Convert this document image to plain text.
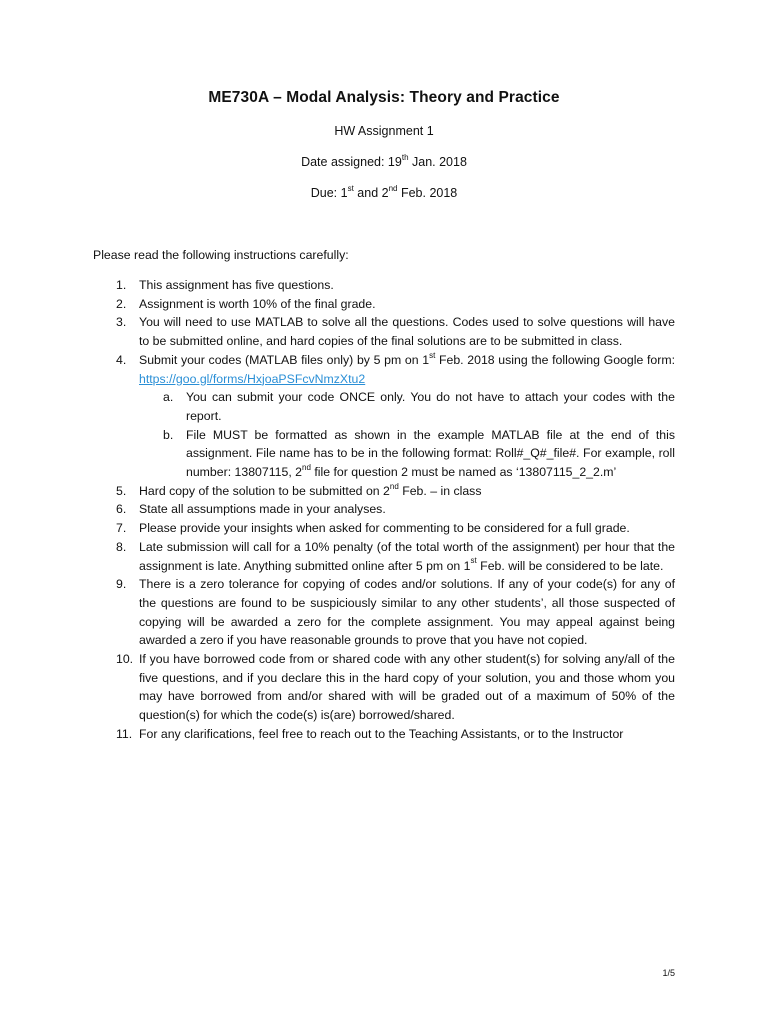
ME730A – Modal Analysis: Theory and Practice
HW Assignment 1
Date assigned: 19th Jan. 2018
Due: 1st and 2nd Feb. 2018
Please read the following instructions carefully:
1. This assignment has five questions.
2. Assignment is worth 10% of the final grade.
3. You will need to use MATLAB to solve all the questions. Codes used to solve questions will have to be submitted online, and hard copies of the final solutions are to be submitted in class.
4. Submit your codes (MATLAB files only) by 5 pm on 1st Feb. 2018 using the following Google form: https://goo.gl/forms/HxjoaPSFcvNmzXtu2
a. You can submit your code ONCE only. You do not have to attach your codes with the report.
b. File MUST be formatted as shown in the example MATLAB file at the end of this assignment. File name has to be in the following format: Roll#_Q#_file#. For example, roll number: 13807115, 2nd file for question 2 must be named as ‘13807115_2_2.m’
5. Hard copy of the solution to be submitted on 2nd Feb. – in class
6. State all assumptions made in your analyses.
7. Please provide your insights when asked for commenting to be considered for a full grade.
8. Late submission will call for a 10% penalty (of the total worth of the assignment) per hour that the assignment is late. Anything submitted online after 5 pm on 1st Feb. will be considered to be late.
9. There is a zero tolerance for copying of codes and/or solutions. If any of your code(s) for any of the questions are found to be suspiciously similar to any other students’, all those suspected of copying will be awarded a zero for the complete assignment. You may appeal against being awarded a zero if you have reasonable grounds to prove that you have not copied.
10. If you have borrowed code from or shared code with any other student(s) for solving any/all of the five questions, and if you declare this in the hard copy of your solution, you and those whom you may have borrowed from and/or shared with will be graded out of a maximum of 50% of the question(s) for which the code(s) is(are) borrowed/shared.
11. For any clarifications, feel free to reach out to the Teaching Assistants, or to the Instructor
1/5
